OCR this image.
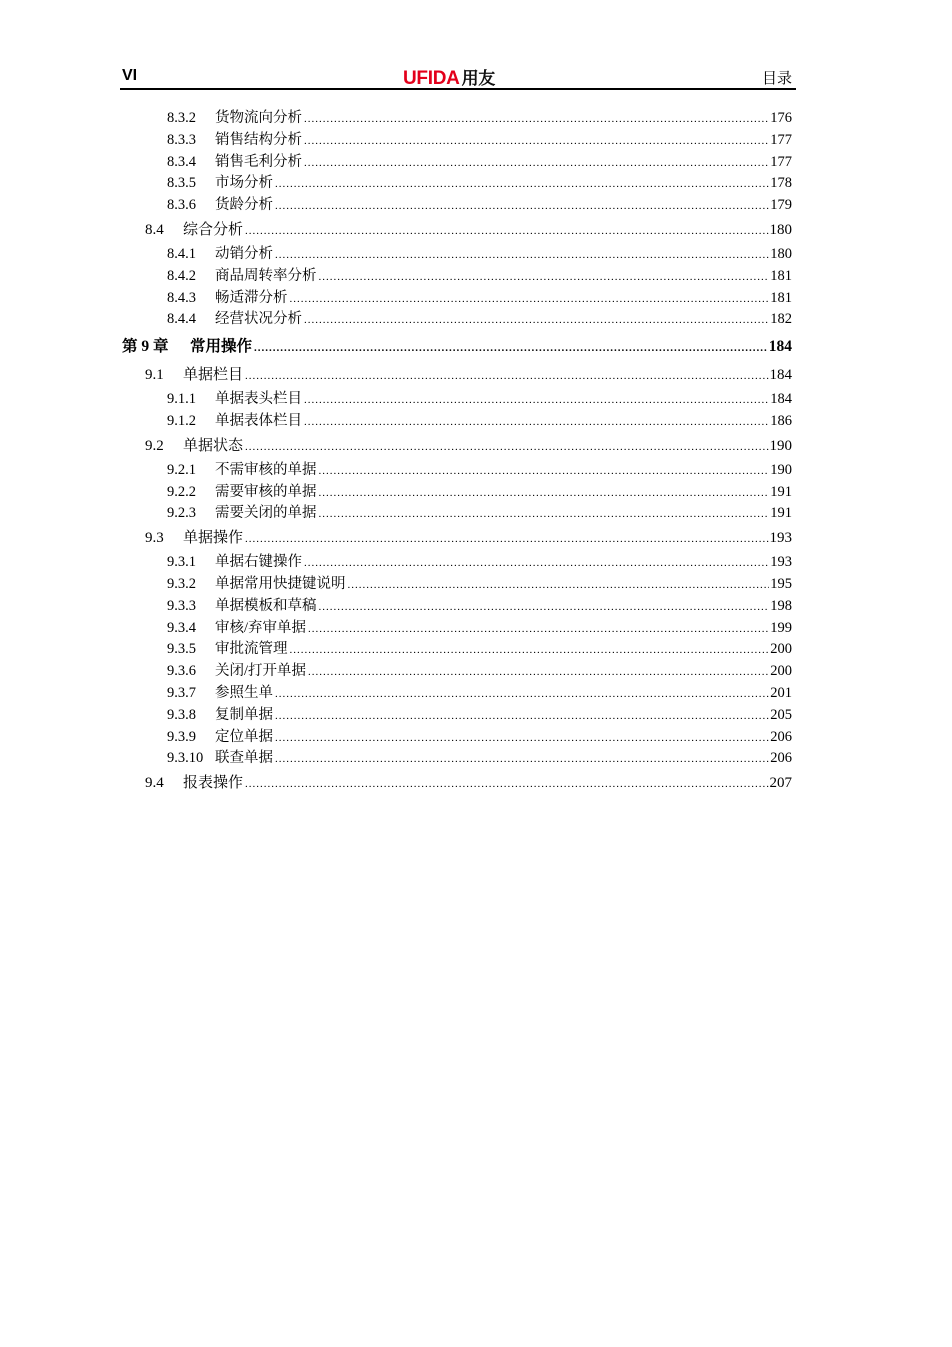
VI	UFIDA 用友	目录
8.3.2	货物流向分析 .....	176
8.3.3	销售结构分析 .....	177
8.3.4	销售毛利分析 .....	177
8.3.5	市场分析 .....	178
8.3.6	货龄分析 .....	179
8.4	综合分析 .....	180
8.4.1	动销分析 .....	180
8.4.2	商品周转率分析 .....	181
8.4.3	畅适滞分析 .....	181
8.4.4	经营状况分析 .....	182
第 9 章	常用操作 .....	184
9.1	单据栏目 .....	184
9.1.1	单据表头栏目 .....	184
9.1.2	单据表体栏目 .....	186
9.2	单据状态 .....	190
9.2.1	不需审核的单据 .....	190
9.2.2	需要审核的单据 .....	191
9.2.3	需要关闭的单据 .....	191
9.3	单据操作 .....	193
9.3.1	单据右键操作 .....	193
9.3.2	单据常用快捷键说明 .....	195
9.3.3	单据模板和草稿 .....	198
9.3.4	审核/弃审单据 .....	199
9.3.5	审批流管理 .....	200
9.3.6	关闭/打开单据 .....	200
9.3.7	参照生单 .....	201
9.3.8	复制单据 .....	205
9.3.9	定位单据 .....	206
9.3.10 联查单据 .....	206
9.4	报表操作 .....	207
